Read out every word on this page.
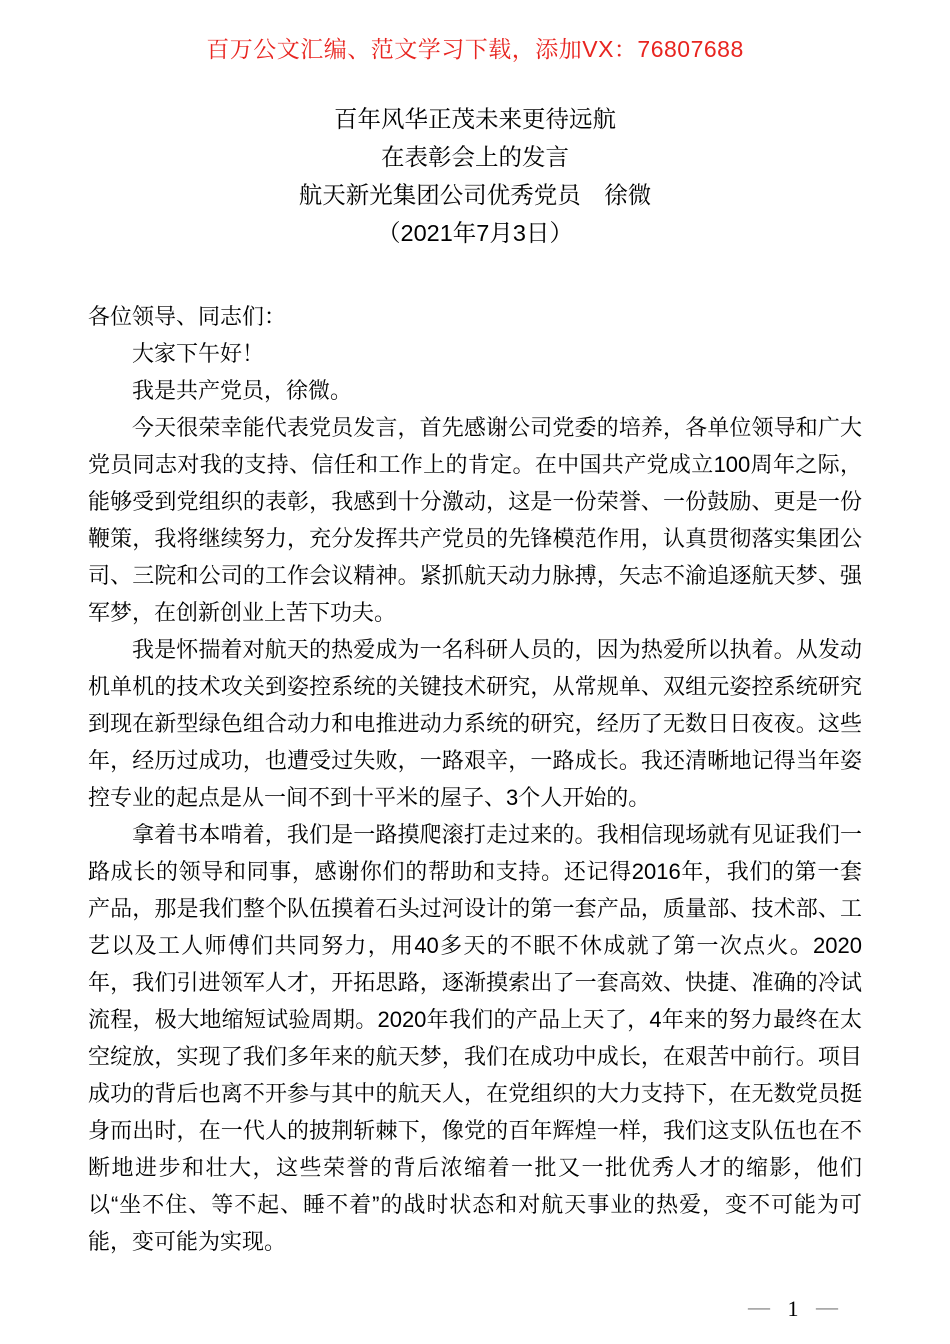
百万公文汇编、范文学习下载，添加VX：76807688
百年风华正茂未来更待远航
在表彰会上的发言
航天新光集团公司优秀党员　徐微
（2021年7月3日）

各位领导、同志们：

大家下午好！

我是共产党员，徐微。

今天很荣幸能代表党员发言，首先感谢公司党委的培养，各单位领导和广大党员同志对我的支持、信任和工作上的肯定。在中国共产党成立100周年之际，能够受到党组织的表彰，我感到十分激动，这是一份荣誉、一份鼓励、更是一份鞭策，我将继续努力，充分发挥共产党员的先锋模范作用，认真贯彻落实集团公司、三院和公司的工作会议精神。紧抓航天动力脉搏，矢志不渝追逐航天梦、强军梦，在创新创业上苦下功夫。

我是怀揣着对航天的热爱成为一名科研人员的，因为热爱所以执着。从发动机单机的技术攻关到姿控系统的关键技术研究，从常规单、双组元姿控系统研究到现在新型绿色组合动力和电推进动力系统的研究，经历了无数日日夜夜。这些年，经历过成功，也遭受过失败，一路艰辛，一路成长。我还清晰地记得当年姿控专业的起点是从一间不到十平米的屋子、3个人开始的。

拿着书本啃着，我们是一路摸爬滚打走过来的。我相信现场就有见证我们一路成长的领导和同事，感谢你们的帮助和支持。还记得2016年，我们的第一套产品，那是我们整个队伍摸着石头过河设计的第一套产品，质量部、技术部、工艺以及工人师傅们共同努力，用40多天的不眠不休成就了第一次点火。2020年，我们引进领军人才，开拓思路，逐渐摸索出了一套高效、快捷、准确的冷试流程，极大地缩短试验周期。2020年我们的产品上天了，4年来的努力最终在太空绽放，实现了我们多年来的航天梦，我们在成功中成长，在艰苦中前行。项目成功的背后也离不开参与其中的航天人，在党组织的大力支持下，在无数党员挺身而出时，在一代人的披荆斩棘下，像党的百年辉煌一样，我们这支队伍也在不断地进步和壮大，这些荣誉的背后浓缩着一批又一批优秀人才的缩影，他们以“坐不住、等不起、睡不着”的战时状态和对航天事业的热爱，变不可能为可能，变可能为实现。

— 1 —
